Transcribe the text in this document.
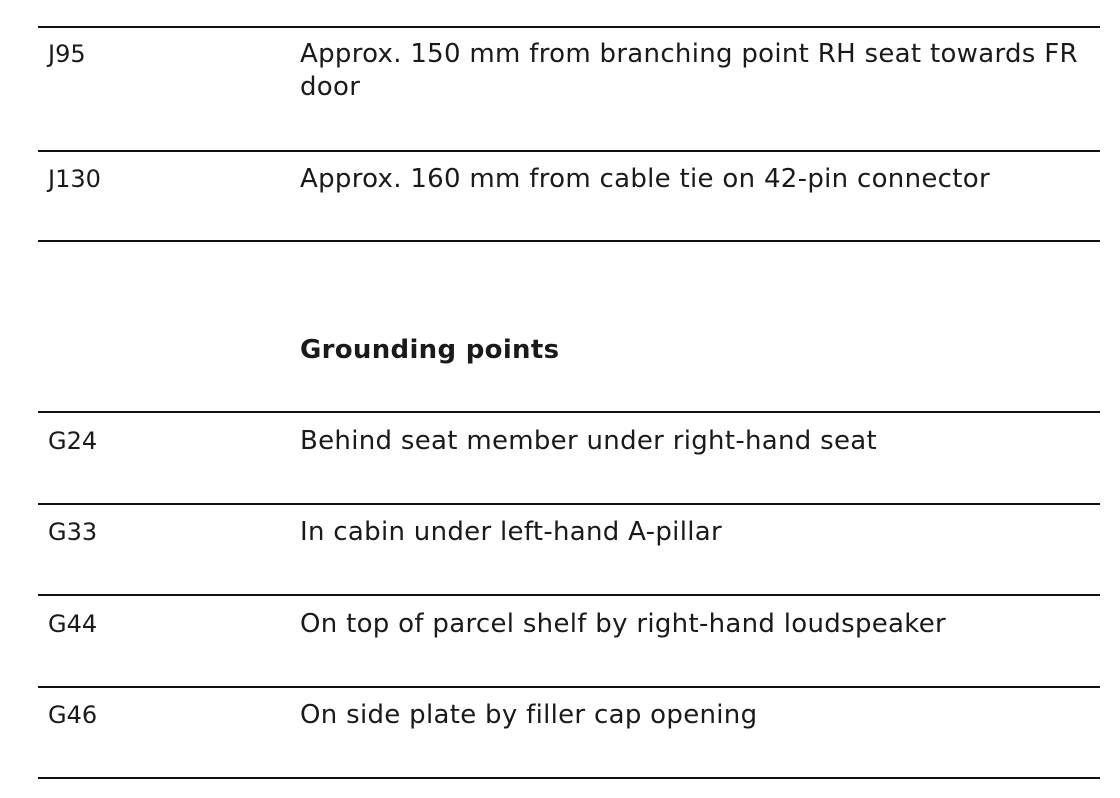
J95	Approx. 150 mm from branching point RH seat towards FR door
J130	Approx. 160 mm from cable tie on 42-pin connector
Grounding points
G24	Behind seat member under right-hand seat
G33	In cabin under left-hand A-pillar
G44	On top of parcel shelf by right-hand loudspeaker
G46	On side plate by filler cap opening
